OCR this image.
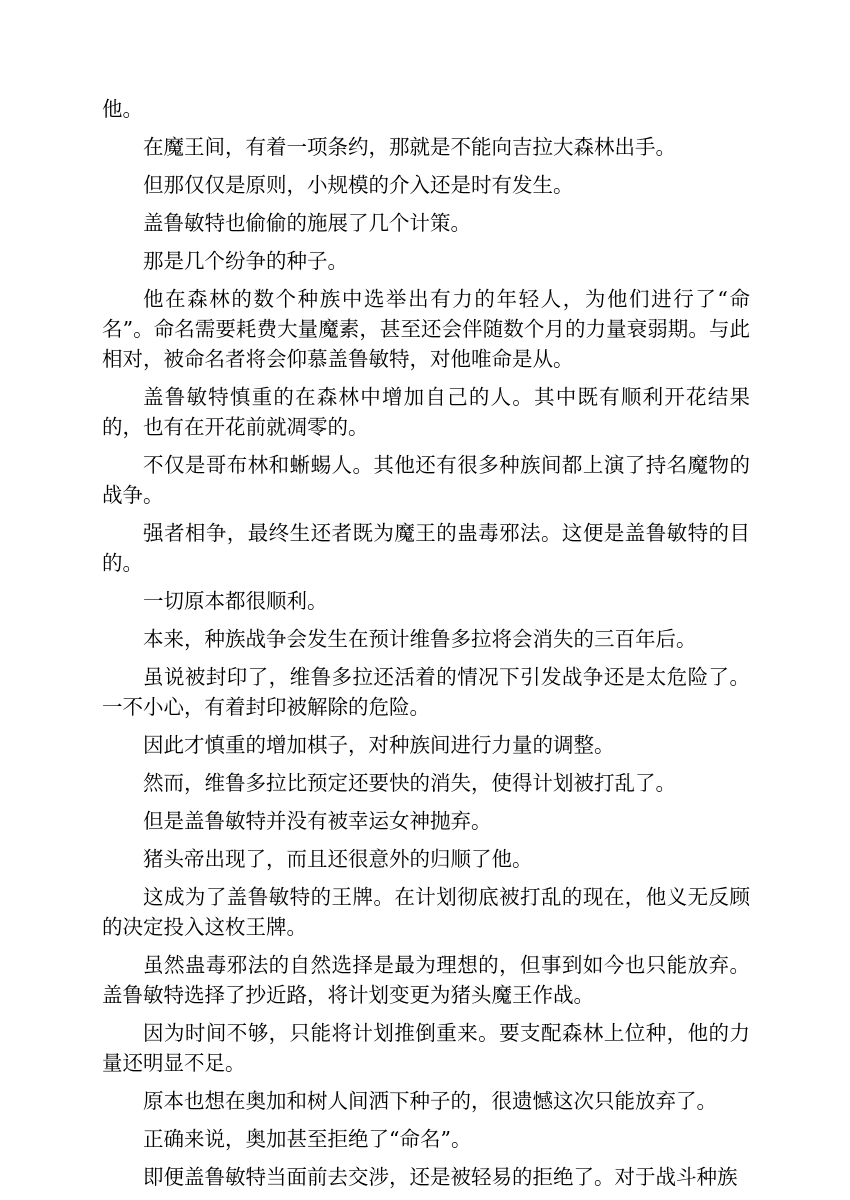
他。

在魔王间，有着一项条约，那就是不能向吉拉大森林出手。

但那仅仅是原则，小规模的介入还是时有发生。

盖鲁敏特也偷偷的施展了几个计策。

那是几个纷争的种子。

他在森林的数个种族中选举出有力的年轻人，为他们进行了“命名”。命名需要耗费大量魔素，甚至还会伴随数个月的力量衰弱期。与此相对，被命名者将会仰慕盖鲁敏特，对他唯命是从。

盖鲁敏特慎重的在森林中增加自己的人。其中既有顺利开花结果的，也有在开花前就凋零的。

不仅是哥布林和蜥蜴人。其他还有很多种族间都上演了持名魔物的战争。

强者相争，最终生还者既为魔王的蛊毒邪法。这便是盖鲁敏特的目的。

一切原本都很顺利。

本来，种族战争会发生在预计维鲁多拉将会消失的三百年后。

虽说被封印了，维鲁多拉还活着的情况下引发战争还是太危险了。一不小心，有着封印被解除的危险。

因此才慎重的增加棋子，对种族间进行力量的调整。

然而，维鲁多拉比预定还要快的消失，使得计划被打乱了。

但是盖鲁敏特并没有被幸运女神抛弃。

猪头帝出现了，而且还很意外的归顺了他。

这成为了盖鲁敏特的王牌。在计划彻底被打乱的现在，他义无反顾的决定投入这枚王牌。

虽然蛊毒邪法的自然选择是最为理想的，但事到如今也只能放弃。盖鲁敏特选择了抄近路，将计划变更为猪头魔王作战。

因为时间不够，只能将计划推倒重来。要支配森林上位种，他的力量还明显不足。

原本也想在奥加和树人间洒下种子的，很遗憾这次只能放弃了。

正确来说，奥加甚至拒绝了“命名”。

即便盖鲁敏特当面前去交涉，还是被轻易的拒绝了。对于战斗种族
